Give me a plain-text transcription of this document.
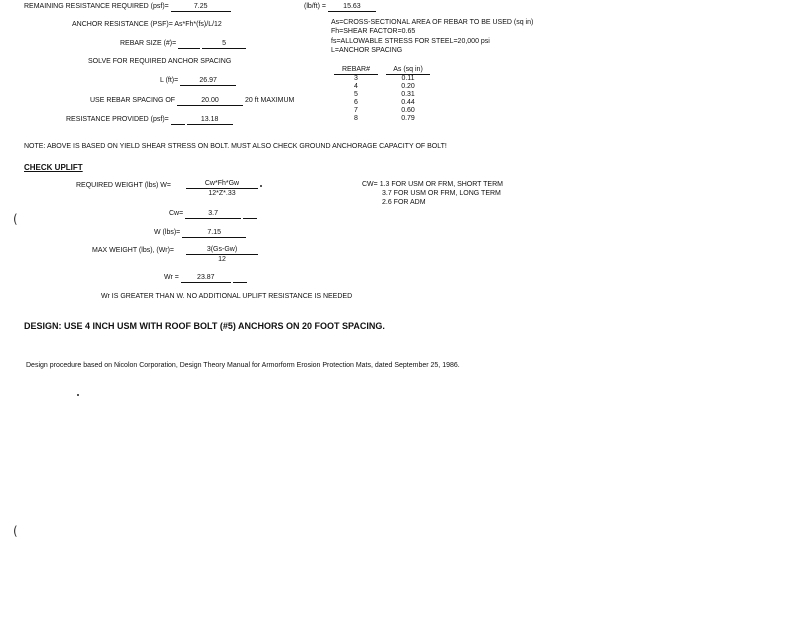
REMAINING RESISTANCE REQUIRED (psf)=	7.25	(lb/ft) = 15.63
ANCHOR RESISTANCE (PSF)= As*Fh*(fs)/L/12
REBAR SIZE (#)=	5
SOLVE FOR REQUIRED ANCHOR SPACING
L (ft)=	26.97
USE REBAR SPACING OF	20.00	20 ft MAXIMUM
RESISTANCE PROVIDED (psf)=	13.18
As=CROSS-SECTIONAL AREA OF REBAR TO BE USED (sq in)
Fh=SHEAR FACTOR=0.65
fs=ALLOWABLE STRESS FOR STEEL=20,000 psi
L=ANCHOR SPACING
REBAR#		As (sq in)
3		0.11
4		0.20
5		0.31
6		0.44
7		0.60
8		0.79
NOTE: ABOVE IS BASED ON YIELD SHEAR STRESS ON BOLT. MUST ALSO CHECK GROUND ANCHORAGE CAPACITY OF BOLT!
CHECK UPLIFT
REQUIRED WEIGHT (lbs) W=	Cw*Fh*Gw
12*Z*.33
Cw=	3.7
W (lbs)=	7.15
MAX WEIGHT (lbs), (Wr)=	3(Gs-Gw)
12
Wr =	23.87
Wr IS GREATER THAN W. NO ADDITIONAL UPLIFT RESISTANCE IS NEEDED
CW= 1.3 FOR USM OR FRM, SHORT TERM
3.7 FOR USM OR FRM, LONG TERM
2.6 FOR ADM
DESIGN: USE 4 INCH USM WITH ROOF BOLT (#5) ANCHORS ON 20 FOOT SPACING.
Design procedure based on Nicolon Corporation, Design Theory Manual for Armorform Erosion Protection Mats, dated September 25, 1986.
(
(
